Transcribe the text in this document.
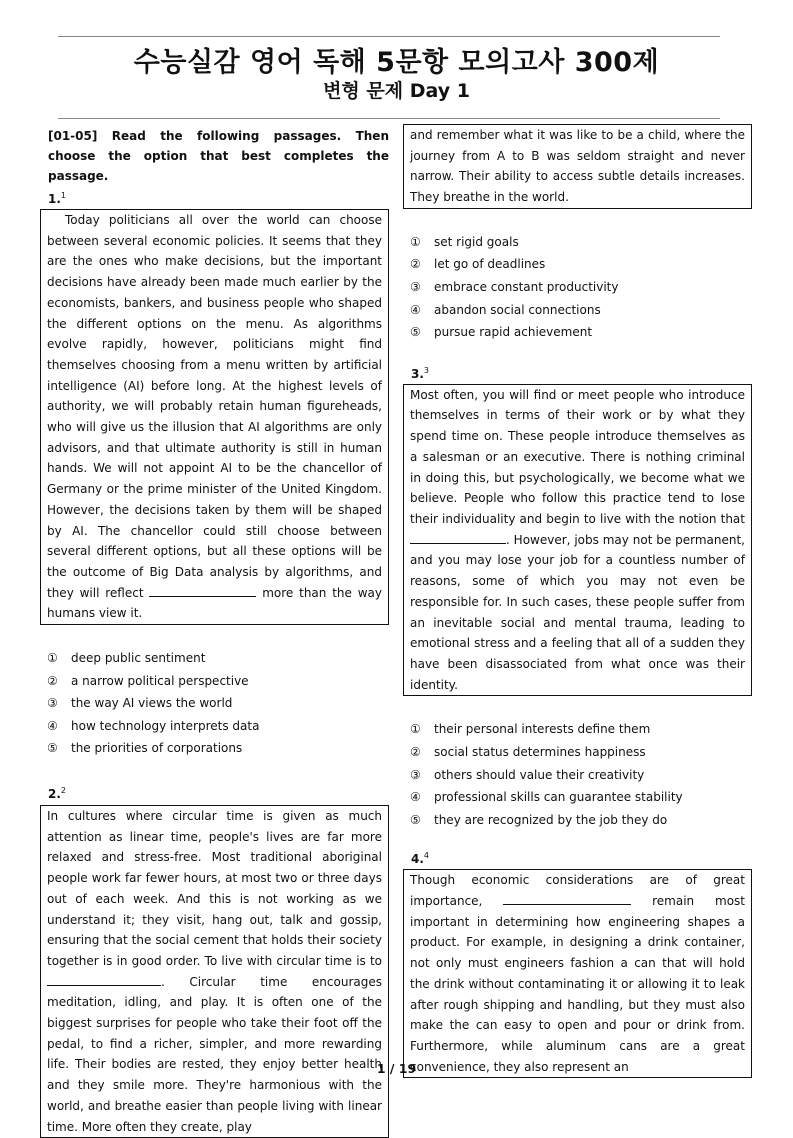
수능실감 영어 독해 5문항 모의고사 300제
변형 문제 Day 1

[01-05] Read the following passages. Then choose the option that best completes the passage.

1.$^1$
Today politicians all over the world can choose between several economic policies. It seems that they are the ones who make decisions, but the important decisions have already been made much earlier by the economists, bankers, and business people who shaped the different options on the menu. As algorithms evolve rapidly, however, politicians might find themselves choosing from a menu written by artificial intelligence (AI) before long. At the highest levels of authority, we will probably retain human figureheads, who will give us the illusion that AI algorithms are only advisors, and that ultimate authority is still in human hands. We will not appoint AI to be the chancellor of Germany or the prime minister of the United Kingdom. However, the decisions taken by them will be shaped by AI. The chancellor could still choose between several different options, but all these options will be the outcome of Big Data analysis by algorithms, and they will reflect	more than the way humans view it.
① deep public sentiment
② a narrow political perspective
③ the way AI views the world
④ how technology interprets data
⑤ the priorities of corporations
2.$^2$
In cultures where circular time is given as much attention as linear time, people's lives are far more relaxed and stress-free. Most traditional aboriginal people work far fewer hours, at most two or three days out of each week. And this is not working as we understand it; they visit, hang out, talk and gossip, ensuring that the social cement that holds their society together is in good order. To live with circular time is to . Circular time encourages meditation, idling, and play. It is often one of the biggest surprises for people who take their foot off the pedal, to find a richer, simpler, and more rewarding life. Their bodies are rested, they enjoy better health and they smile more. They're harmonious with the world, and breathe easier than people living with linear time. More often they create, play
and remember what it was like to be a child, where the journey from A to B was seldom straight and never narrow. Their ability to access subtle details increases. They breathe in the world.
① set rigid goals
② let go of deadlines
③ embrace constant productivity
④ abandon social connections
⑤ pursue rapid achievement
3.$^3$
Most often, you will find or meet people who introduce themselves in terms of their work or by what they spend time on. These people introduce themselves as a salesman or an executive. There is nothing criminal in doing this, but psychologically, we become what we believe. People who follow this practice tend to lose their individuality and begin to live with the notion that . However, jobs may not be permanent, and you may lose your job for a countless number of reasons, some of which you may not even be responsible for. In such cases, these people suffer from an inevitable social and mental trauma, leading to emotional stress and a feeling that all of a sudden they have been disassociated from what once was their identity.
① their personal interests define them
② social status determines happiness
③ others should value their creativity
④ professional skills can guarantee stability
⑤ they are recognized by the job they do
4.$^4$
Though economic considerations are of great importance,	remain most important in determining how engineering shapes a product. For example, in designing a drink container, not only must engineers fashion a can that will hold the drink without contaminating it or allowing it to leak after rough shipping and handling, but they must also make the can easy to open and pour or drink from. Furthermore, while aluminum cans are a great convenience, they also represent an
1 / 19
